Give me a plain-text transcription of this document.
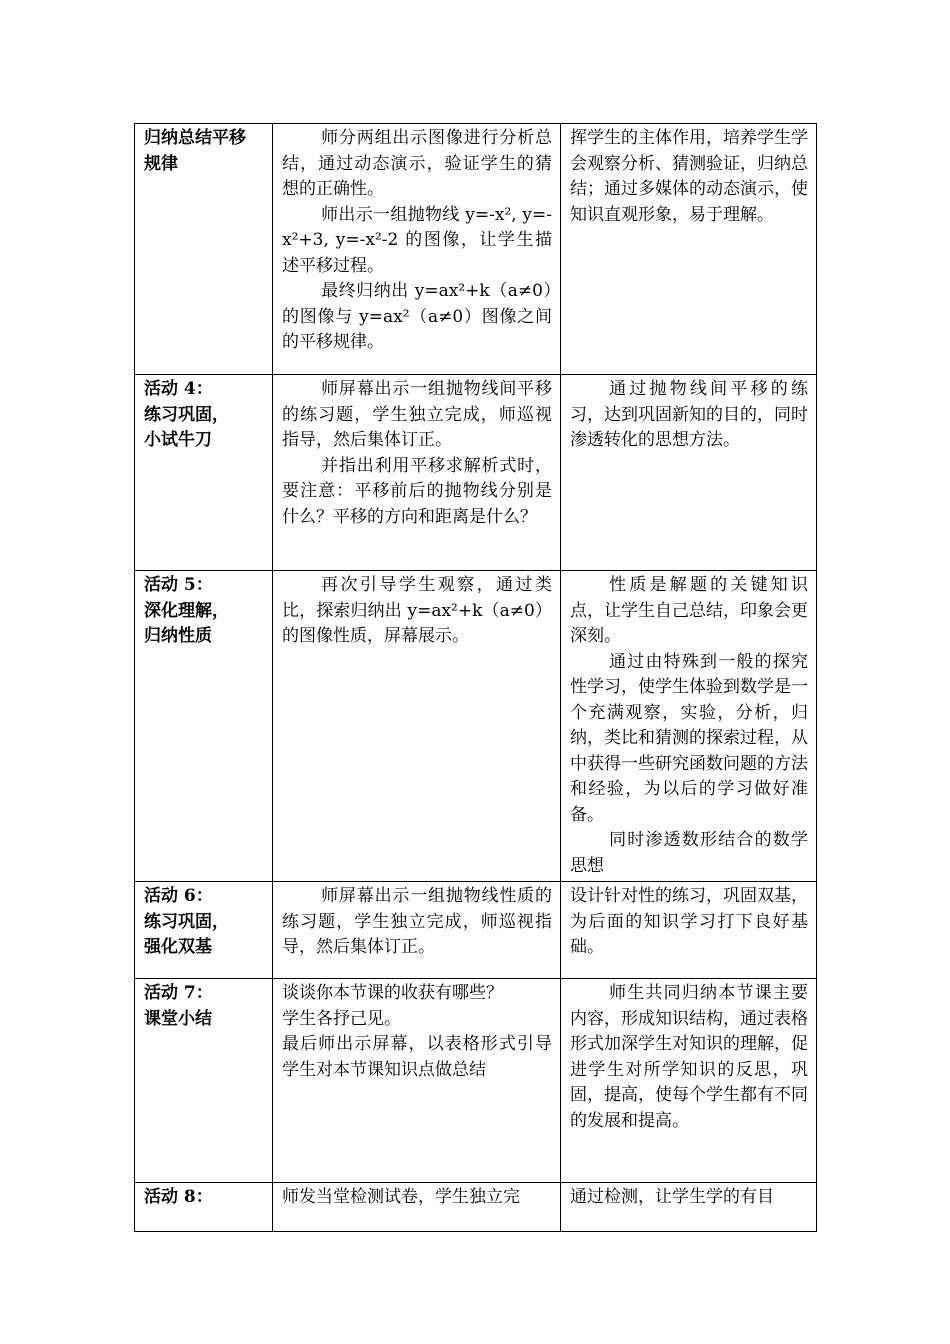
归纳总结平移
规律	师分两组出示图像进行分析总结，通过动态演示，验证学生的猜想的正确性。
师出示一组抛物线 y=-x², y=-x²+3, y=-x²-2 的图像，让学生描述平移过程。
最终归纳出 y=ax²+k（a≠0）的图像与 y=ax²（a≠0）图像之间的平移规律。	挥学生的主体作用，培养学生学会观察分析、猜测验证，归纳总结；通过多媒体的动态演示，使知识直观形象，易于理解。

活动 4：
练习巩固，
小试牛刀	师屏幕出示一组抛物线间平移的练习题，学生独立完成，师巡视指导，然后集体订正。
并指出利用平移求解析式时，要注意：平移前后的抛物线分别是什么？平移的方向和距离是什么？	通过抛物线间平移的练习，达到巩固新知的目的，同时渗透转化的思想方法。

活动 5：
深化理解，
归纳性质	再次引导学生观察，通过类比，探索归纳出 y=ax²+k（a≠0）的图像性质，屏幕展示。	性质是解题的关键知识点，让学生自己总结，印象会更深刻。
通过由特殊到一般的探究性学习，使学生体验到数学是一个充满观察，实验，分析，归纳，类比和猜测的探索过程，从中获得一些研究函数问题的方法和经验，为以后的学习做好准备。
同时渗透数形结合的数学思想

活动 6：
练习巩固，
强化双基	师屏幕出示一组抛物线性质的练习题，学生独立完成，师巡视指导，然后集体订正。	设计针对性的练习，巩固双基，为后面的知识学习打下良好基础。

活动 7：
课堂小结	谈谈你本节课的收获有哪些？
学生各抒己见。
最后师出示屏幕，以表格形式引导学生对本节课知识点做总结	师生共同归纳本节课主要内容，形成知识结构，通过表格形式加深学生对知识的理解，促进学生对所学知识的反思，巩固，提高，使每个学生都有不同的发展和提高。

活动 8：	师发当堂检测试卷，学生独立完	通过检测，让学生学的有目
